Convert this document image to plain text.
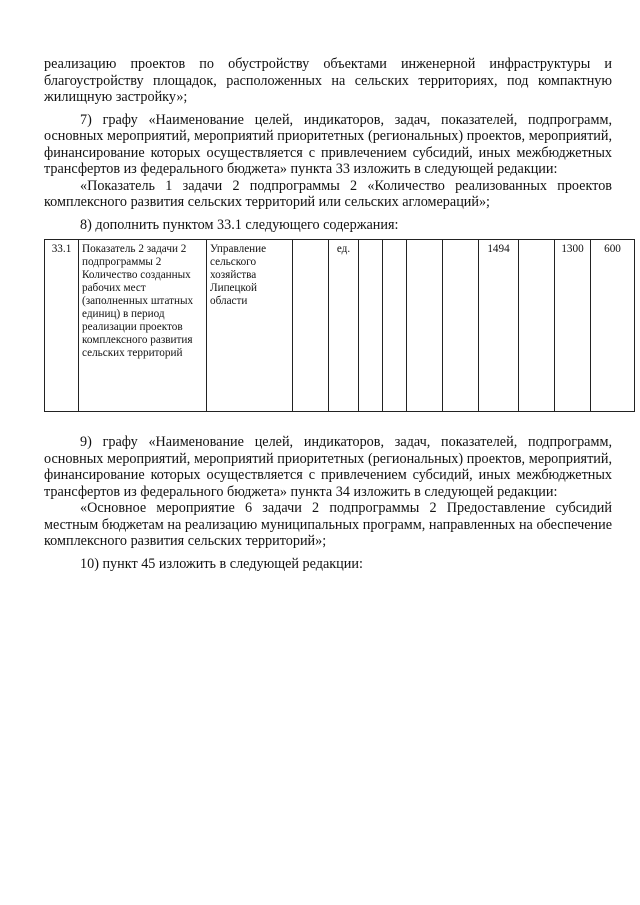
реализацию проектов по обустройству объектами инженерной инфраструктуры и благоустройству площадок, расположенных на сельских территориях, под компактную жилищную застройку»;

7) графу «Наименование целей, индикаторов, задач, показателей, подпрограмм, основных мероприятий, мероприятий приоритетных (региональных) проектов, мероприятий, финансирование которых осуществляется с привлечением субсидий, иных межбюджетных трансфертов из федерального бюджета» пункта 33 изложить в следующей редакции:

«Показатель 1 задачи 2 подпрограммы 2 «Количество реализованных проектов комплексного развития сельских территорий или сельских агломераций»;

8) дополнить пунктом 33.1 следующего содержания:

33.1	Показатель 2 задачи 2 подпрограммы 2 Количество созданных рабочих мест (заполненных штатных единиц) в период реализации проектов комплексного развития сельских территорий	Управление сельского хозяйства Липецкой области		ед.					1494		1300	600

9) графу «Наименование целей, индикаторов, задач, показателей, подпрограмм, основных мероприятий, мероприятий приоритетных (региональных) проектов, мероприятий, финансирование которых осуществляется с привлечением субсидий, иных межбюджетных трансфертов из федерального бюджета» пункта 34 изложить в следующей редакции:

«Основное мероприятие 6 задачи 2 подпрограммы 2 Предоставление субсидий местным бюджетам на реализацию муниципальных программ, направленных на обеспечение комплексного развития сельских территорий»;

10) пункт 45 изложить в следующей редакции:
